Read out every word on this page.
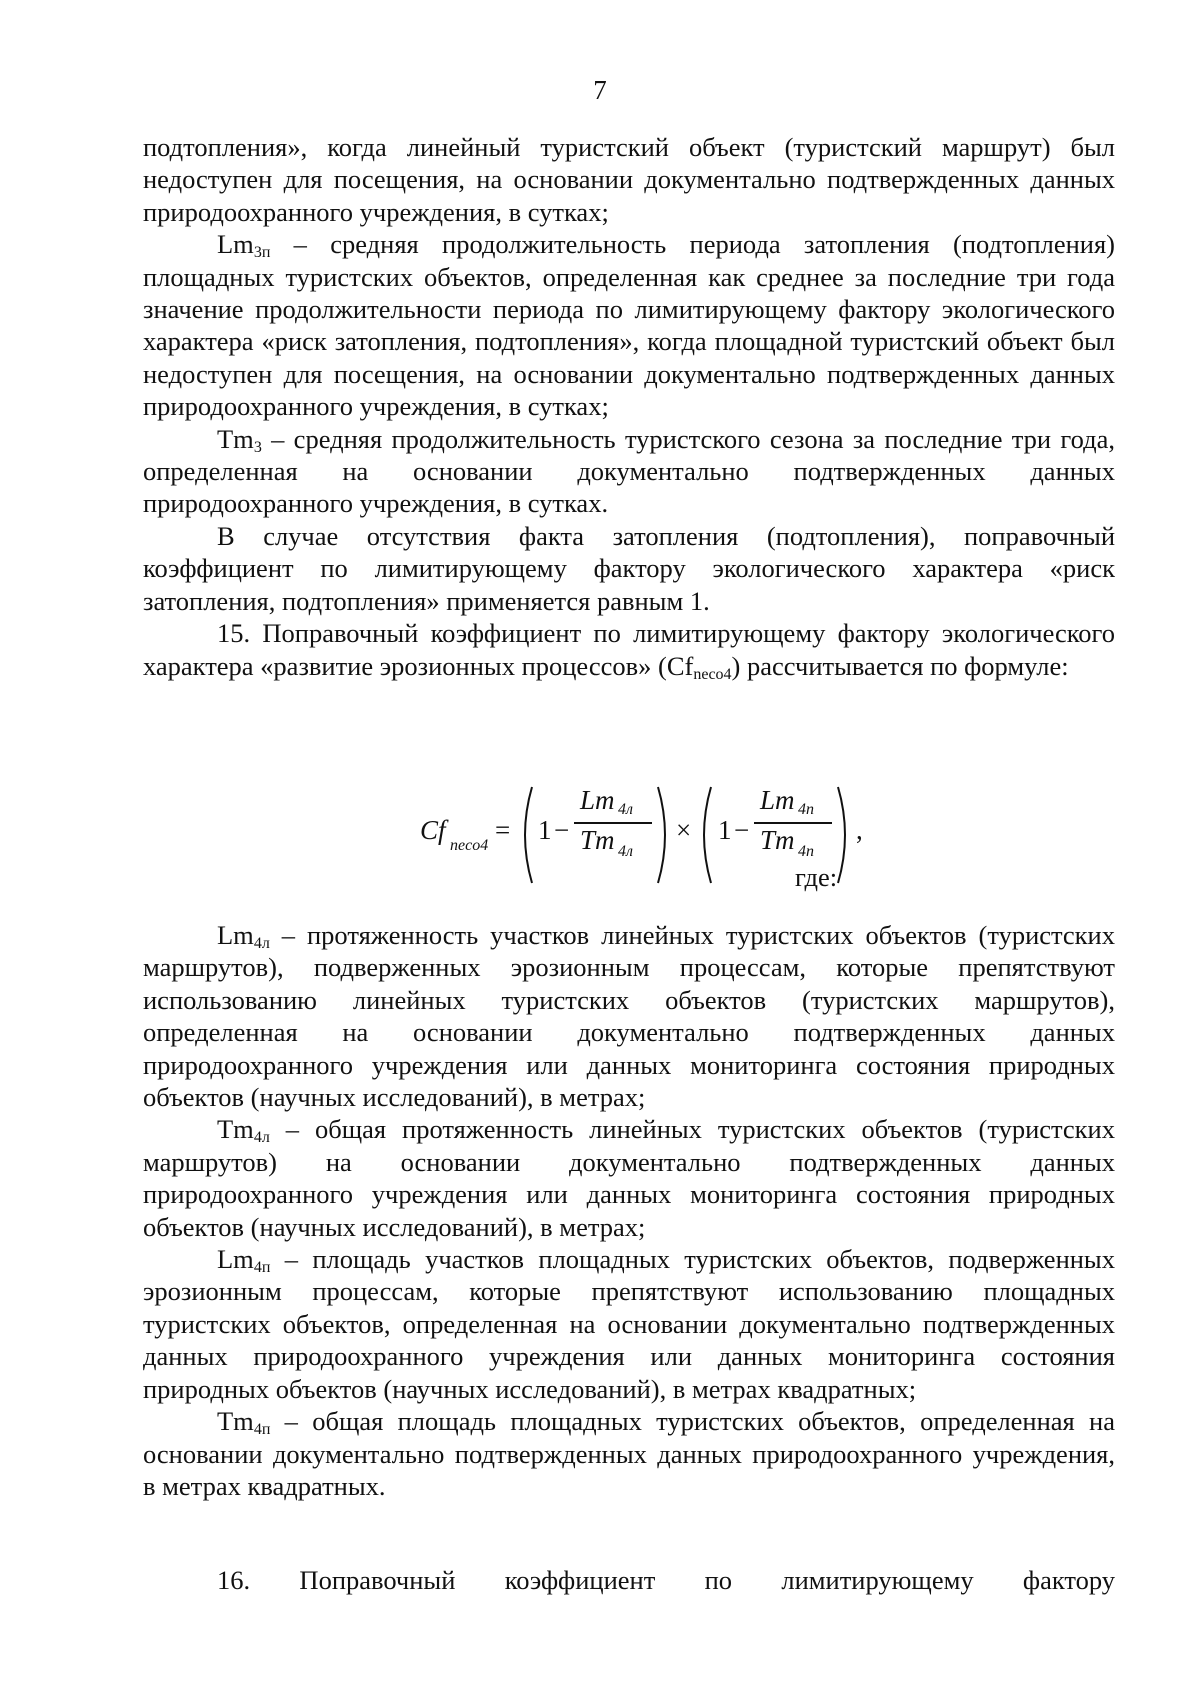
7

подтопления», когда линейный туристский объект (туристский маршрут) был недоступен для посещения, на основании документально подтвержденных данных природоохранного учреждения, в сутках;

$Lm_{3п}$ – средняя продолжительность периода затопления (подтопления) площадных туристских объектов, определенная как среднее за последние три года значение продолжительности периода по лимитирующему фактору экологического характера «риск затопления, подтопления», когда площадной туристский объект был недоступен для посещения, на основании документально подтвержденных данных природоохранного учреждения, в сутках;

$Tm_3$ – средняя продолжительность туристского сезона за последние три года, определенная на основании документально подтвержденных данных природоохранного учреждения, в сутках.

В случае отсутствия факта затопления (подтопления), поправочный коэффициент по лимитирующему фактору экологического характера «риск затопления, подтопления» применяется равным 1.

15. Поправочный коэффициент по лимитирующему фактору экологического характера «развитие эрозионных процессов» $(Cf_{neco4})$ рассчитывается по формуле:

Cf
neco4
= 1 −
Lm 4л
Tm 4л
× 1 −
Lm 4п
Tm 4п
,
где:

$Lm_{4л}$ – протяженность участков линейных туристских объектов (туристских маршрутов), подверженных эрозионным процессам, которые препятствуют использованию линейных туристских объектов (туристских маршрутов), определенная на основании документально подтвержденных данных природоохранного учреждения или данных мониторинга состояния природных объектов (научных исследований), в метрах;

$Tm_{4л}$ – общая протяженность линейных туристских объектов (туристских маршрутов) на основании документально подтвержденных данных природоохранного учреждения или данных мониторинга состояния природных объектов (научных исследований), в метрах;

$Lm_{4п}$ – площадь участков площадных туристских объектов, подверженных эрозионным процессам, которые препятствуют использованию площадных туристских объектов, определенная на основании документально подтвержденных данных природоохранного учреждения или данных мониторинга состояния природных объектов (научных исследований), в метрах квадратных;

$Tm_{4п}$ – общая площадь площадных туристских объектов, определенная на основании документально подтвержденных данных природоохранного учреждения, в метрах квадратных.

16. Поправочный коэффициент по лимитирующему фактору
